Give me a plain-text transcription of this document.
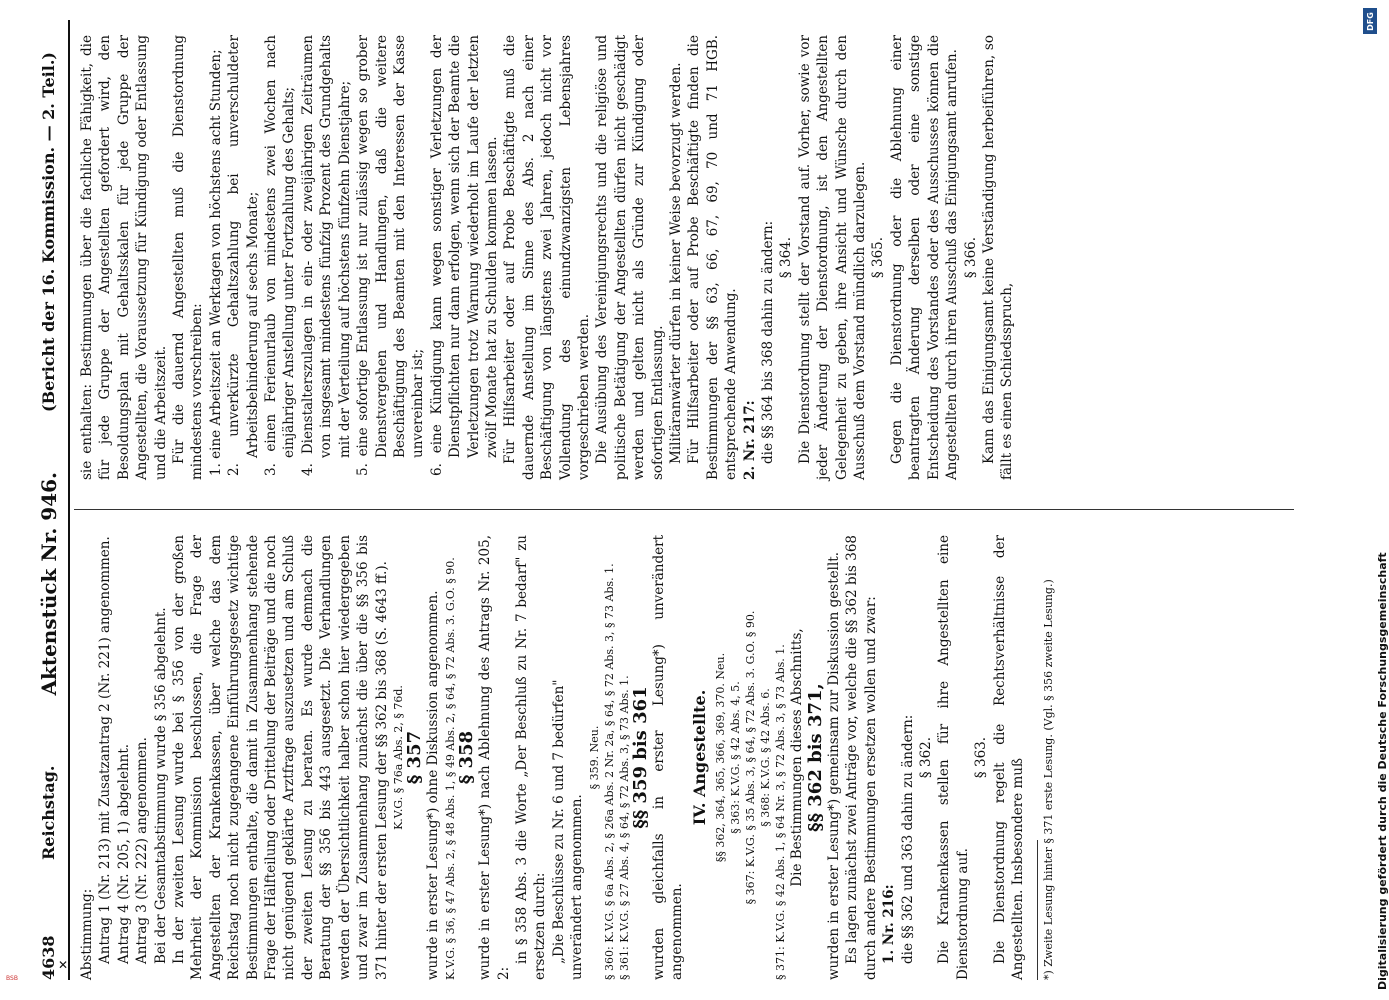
4638
Reichstag.
Aktenstück Nr. 946.
(Bericht der 16. Kommission. — 2. Teil.)

Abstimmung: Antrag 1 (Nr. 213) mit Zusatzantrag 2 (Nr. 221) angenommen. Antrag 4 (Nr. 205, 1) abgelehnt. Antrag 3 (Nr. 222) angenommen. Bei der Gesamtabstimmung wurde § 356 abgelehnt. In der zweiten Lesung wurde bei § 356 von der großen Mehrheit der Kommission beschlossen, die Frage der Angestellten der Krankenkassen, über welche das dem Reichstag noch nicht zugegangene Einführungsgesetz wichtige Bestimmungen enthalte, die damit in Zusammenhang stehende Frage der Hälfteilung oder Drittelung der Beiträge und die noch nicht genügend geklärte Arztfrage auszusetzen und am Schluß der zweiten Lesung zu beraten. Es wurde demnach die Beratung der §§ 356 bis 443 ausgesetzt. Die Verhandlungen werden der Übersichtlichkeit halber schon hier wiedergegeben und zwar im Zusammenhang zunächst die über die §§ 356 bis 371 hinter der ersten Lesung der §§ 362 bis 368 (S. 4643 ff.). K.V.G. § 76a Abs. 2, § 76d. § 357 wurde in erster Lesung*) ohne Diskussion angenommen. K.V.G. § 36, § 47 Abs. 2, § 48 Abs. 1, § 49 Abs. 2, § 64, § 72 Abs. 3. G.O. § 90. § 358 wurde in erster Lesung*) nach Ablehnung des Antrags Nr. 205, 2:

in § 358 Abs. 3 die Worte „Der Beschluß zu Nr. 7 bedarf" zu ersetzen durch: „Die Beschlüsse zu Nr. 6 und 7 bedürfen" unverändert angenommen.

§ 359. Neu. § 360: K.V.G. § 6a Abs. 2, § 26a Abs. 2 Nr. 2a, § 64, § 72 Abs. 3, § 73 Abs. 1. § 361: K.V.G. § 27 Abs. 4, § 64, § 72 Abs. 3, § 73 Abs. 1. §§ 359 bis 361 wurden gleichfalls in erster Lesung*) unverändert angenommen.

IV. Angestellte. §§ 362, 364, 365, 366, 369, 370. Neu. § 363: K.V.G. § 42 Abs. 4, 5. § 367: K.V.G. § 35 Abs. 3, § 64, § 72 Abs. 3. G.O. § 90. § 368: K.V.G. § 42 Abs. 6. § 371: K.V.G. § 42 Abs. 1, § 64 Nr. 3, § 72 Abs. 3, § 73 Abs. 1. Die Bestimmungen dieses Abschnitts, §§ 362 bis 371, wurden in erster Lesung*) gemeinsam zur Diskussion gestellt. Es lagen zunächst zwei Anträge vor, welche die §§ 362 bis 368 durch andere Bestimmungen ersetzen wollen und zwar: 1. Nr. 216: die §§ 362 und 363 dahin zu ändern: § 362. Die Krankenkassen stellen für ihre Angestellten eine Dienstordnung auf.

§ 363. Die Dienstordnung regelt die Rechtsverhältnisse der Angestellten. Insbesondere muß *) Zweite Lesung hinter § 371 erste Lesung. (Vgl. § 356 zweite Lesung.)

sie enthalten: Bestimmungen über die fachliche Fähigkeit, die für jede Gruppe der Angestellten gefordert wird, den Besoldungsplan mit Gehaltsskalen für jede Gruppe der Angestellten, die Voraussetzung für Kündigung oder Entlassung und die Arbeitszeit. Für die dauernd Angestellten muß die Dienstordnung mindestens vorschreiben: 1. eine Arbeitszeit an Werktagen von höchstens acht Stunden; 2. unverkürzte Gehaltszahlung bei unverschuldeter Arbeitsbehinderung auf sechs Monate; 3. einen Ferienurlaub von mindestens zwei Wochen nach einjähriger Anstellung unter Fortzahlung des Gehalts; 4. Dienstalterszulagen in ein- oder zweijährigen Zeiträumen von insgesamt mindestens fünfzig Prozent des Grundgehalts mit der Verteilung auf höchstens fünfzehn Dienstjahre; 5. eine sofortige Entlassung ist nur zulässig wegen so grober Dienstvergehen und Handlungen, daß die weitere Beschäftigung des Beamten mit den Interessen der Kasse unvereinbar ist; 6. eine Kündigung kann wegen sonstiger Verletzungen der Dienstpflichten nur dann erfolgen, wenn sich der Beamte die Verletzungen trotz Warnung wiederholt im Laufe der letzten zwölf Monate hat zu Schulden kommen lassen. Für Hilfsarbeiter oder auf Probe Beschäftigte muß die dauernde Anstellung im Sinne des Abs. 2 nach einer Beschäftigung von längstens zwei Jahren, jedoch nicht vor Vollendung des einundzwanzigsten Lebensjahres vorgeschrieben werden. Die Ausübung des Vereinigungsrechts und die religiöse und politische Betätigung der Angestellten dürfen nicht geschädigt werden und gelten nicht als Gründe zur Kündigung oder sofortigen Entlassung. Militäranwärter dürfen in keiner Weise bevorzugt werden. Für Hilfsarbeiter oder auf Probe Beschäftigte finden die Bestimmungen der §§ 63, 66, 67, 69, 70 und 71 HGB. entsprechende Anwendung. 2. Nr. 217: die §§ 364 bis 368 dahin zu ändern: § 364. Die Dienstordnung stellt der Vorstand auf. Vorher, sowie vor jeder Änderung der Dienstordnung, ist den Angestellten Gelegenheit zu geben, ihre Ansicht und Wünsche durch den Ausschuß dem Vorstand mündlich darzulegen. § 365. Gegen die Dienstordnung oder die Ablehnung einer beantragten Änderung derselben oder eine sonstige Entscheidung des Vorstandes oder des Ausschusses können die Angestellten durch ihren Ausschuß das Einigungsamt anrufen. § 366. Kann das Einigungsamt keine Verständigung herbeiführen, so fällt es einen Schiedsspruch,

Digitalisierung gefördert durch die Deutsche Forschungsgemeinschaft
DFG
BSB
✕
